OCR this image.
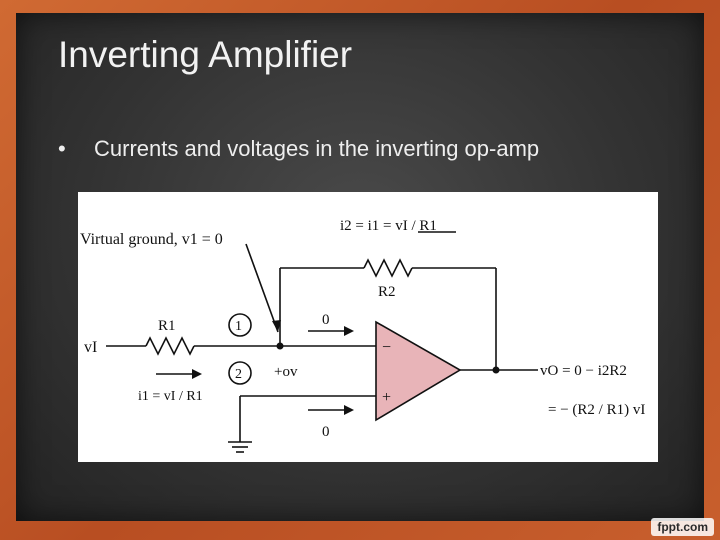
Inverting Amplifier
• Currents and voltages in the inverting op-amp
Virtual ground, v1 = 0
i2 = i1 = vI / R1
R1
R2
vI
1
2
0
0
−
+
+ov
i1 = vI / R1
vO = 0 − i2R2
= − (R2 / R1) vI
fppt.com
